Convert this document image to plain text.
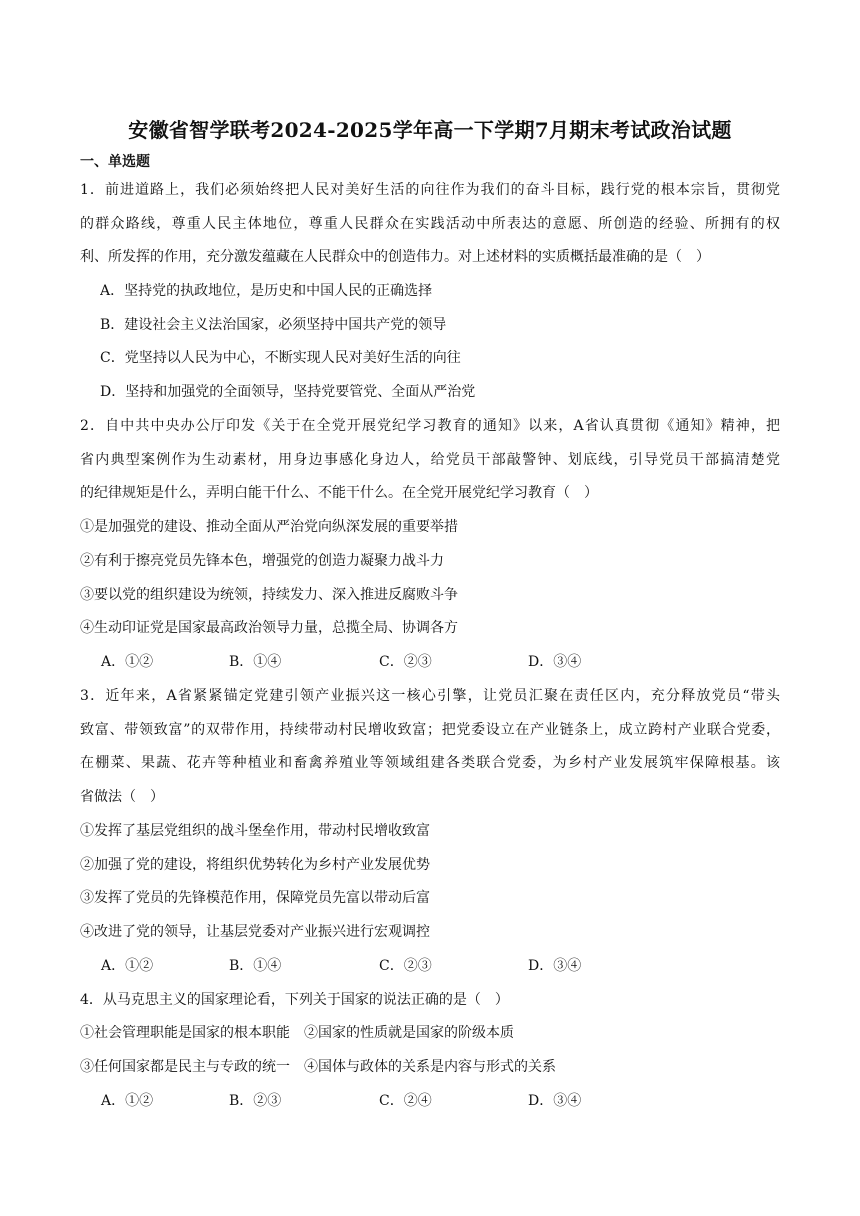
安徽省智学联考2024-2025学年高一下学期7月期末考试政治试题
一、单选题
1．前进道路上，我们必须始终把人民对美好生活的向往作为我们的奋斗目标，践行党的根本宗旨，贯彻党
的群众路线，尊重人民主体地位，尊重人民群众在实践活动中所表达的意愿、所创造的经验、所拥有的权
利、所发挥的作用，充分激发蕴藏在人民群众中的创造伟力。对上述材料的实质概括最准确的是（　）
A．坚持党的执政地位，是历史和中国人民的正确选择
B．建设社会主义法治国家，必须坚持中国共产党的领导
C．党坚持以人民为中心，不断实现人民对美好生活的向往
D．坚持和加强党的全面领导，坚持党要管党、全面从严治党
2．自中共中央办公厅印发《关于在全党开展党纪学习教育的通知》以来，A省认真贯彻《通知》精神，把
省内典型案例作为生动素材，用身边事感化身边人，给党员干部敲警钟、划底线，引导党员干部搞清楚党
的纪律规矩是什么，弄明白能干什么、不能干什么。在全党开展党纪学习教育（　）
①是加强党的建设、推动全面从严治党向纵深发展的重要举措
②有利于擦亮党员先锋本色，增强党的创造力凝聚力战斗力
③要以党的组织建设为统领，持续发力、深入推进反腐败斗争
④生动印证党是国家最高政治领导力量，总揽全局、协调各方
A．①②	B．①④	C．②③	D．③④
3．近年来，A省紧紧锚定党建引领产业振兴这一核心引擎，让党员汇聚在责任区内，充分释放党员“带头
致富、带领致富”的双带作用，持续带动村民增收致富；把党委设立在产业链条上，成立跨村产业联合党委，
在棚菜、果蔬、花卉等种植业和畜禽养殖业等领域组建各类联合党委，为乡村产业发展筑牢保障根基。该
省做法（　）
①发挥了基层党组织的战斗堡垒作用，带动村民增收致富
②加强了党的建设，将组织优势转化为乡村产业发展优势
③发挥了党员的先锋模范作用，保障党员先富以带动后富
④改进了党的领导，让基层党委对产业振兴进行宏观调控
A．①②	B．①④	C．②③	D．③④
4．从马克思主义的国家理论看，下列关于国家的说法正确的是（　）
①社会管理职能是国家的根本职能　②国家的性质就是国家的阶级本质
③任何国家都是民主与专政的统一　④国体与政体的关系是内容与形式的关系
A．①②	B．②③	C．②④	D．③④
